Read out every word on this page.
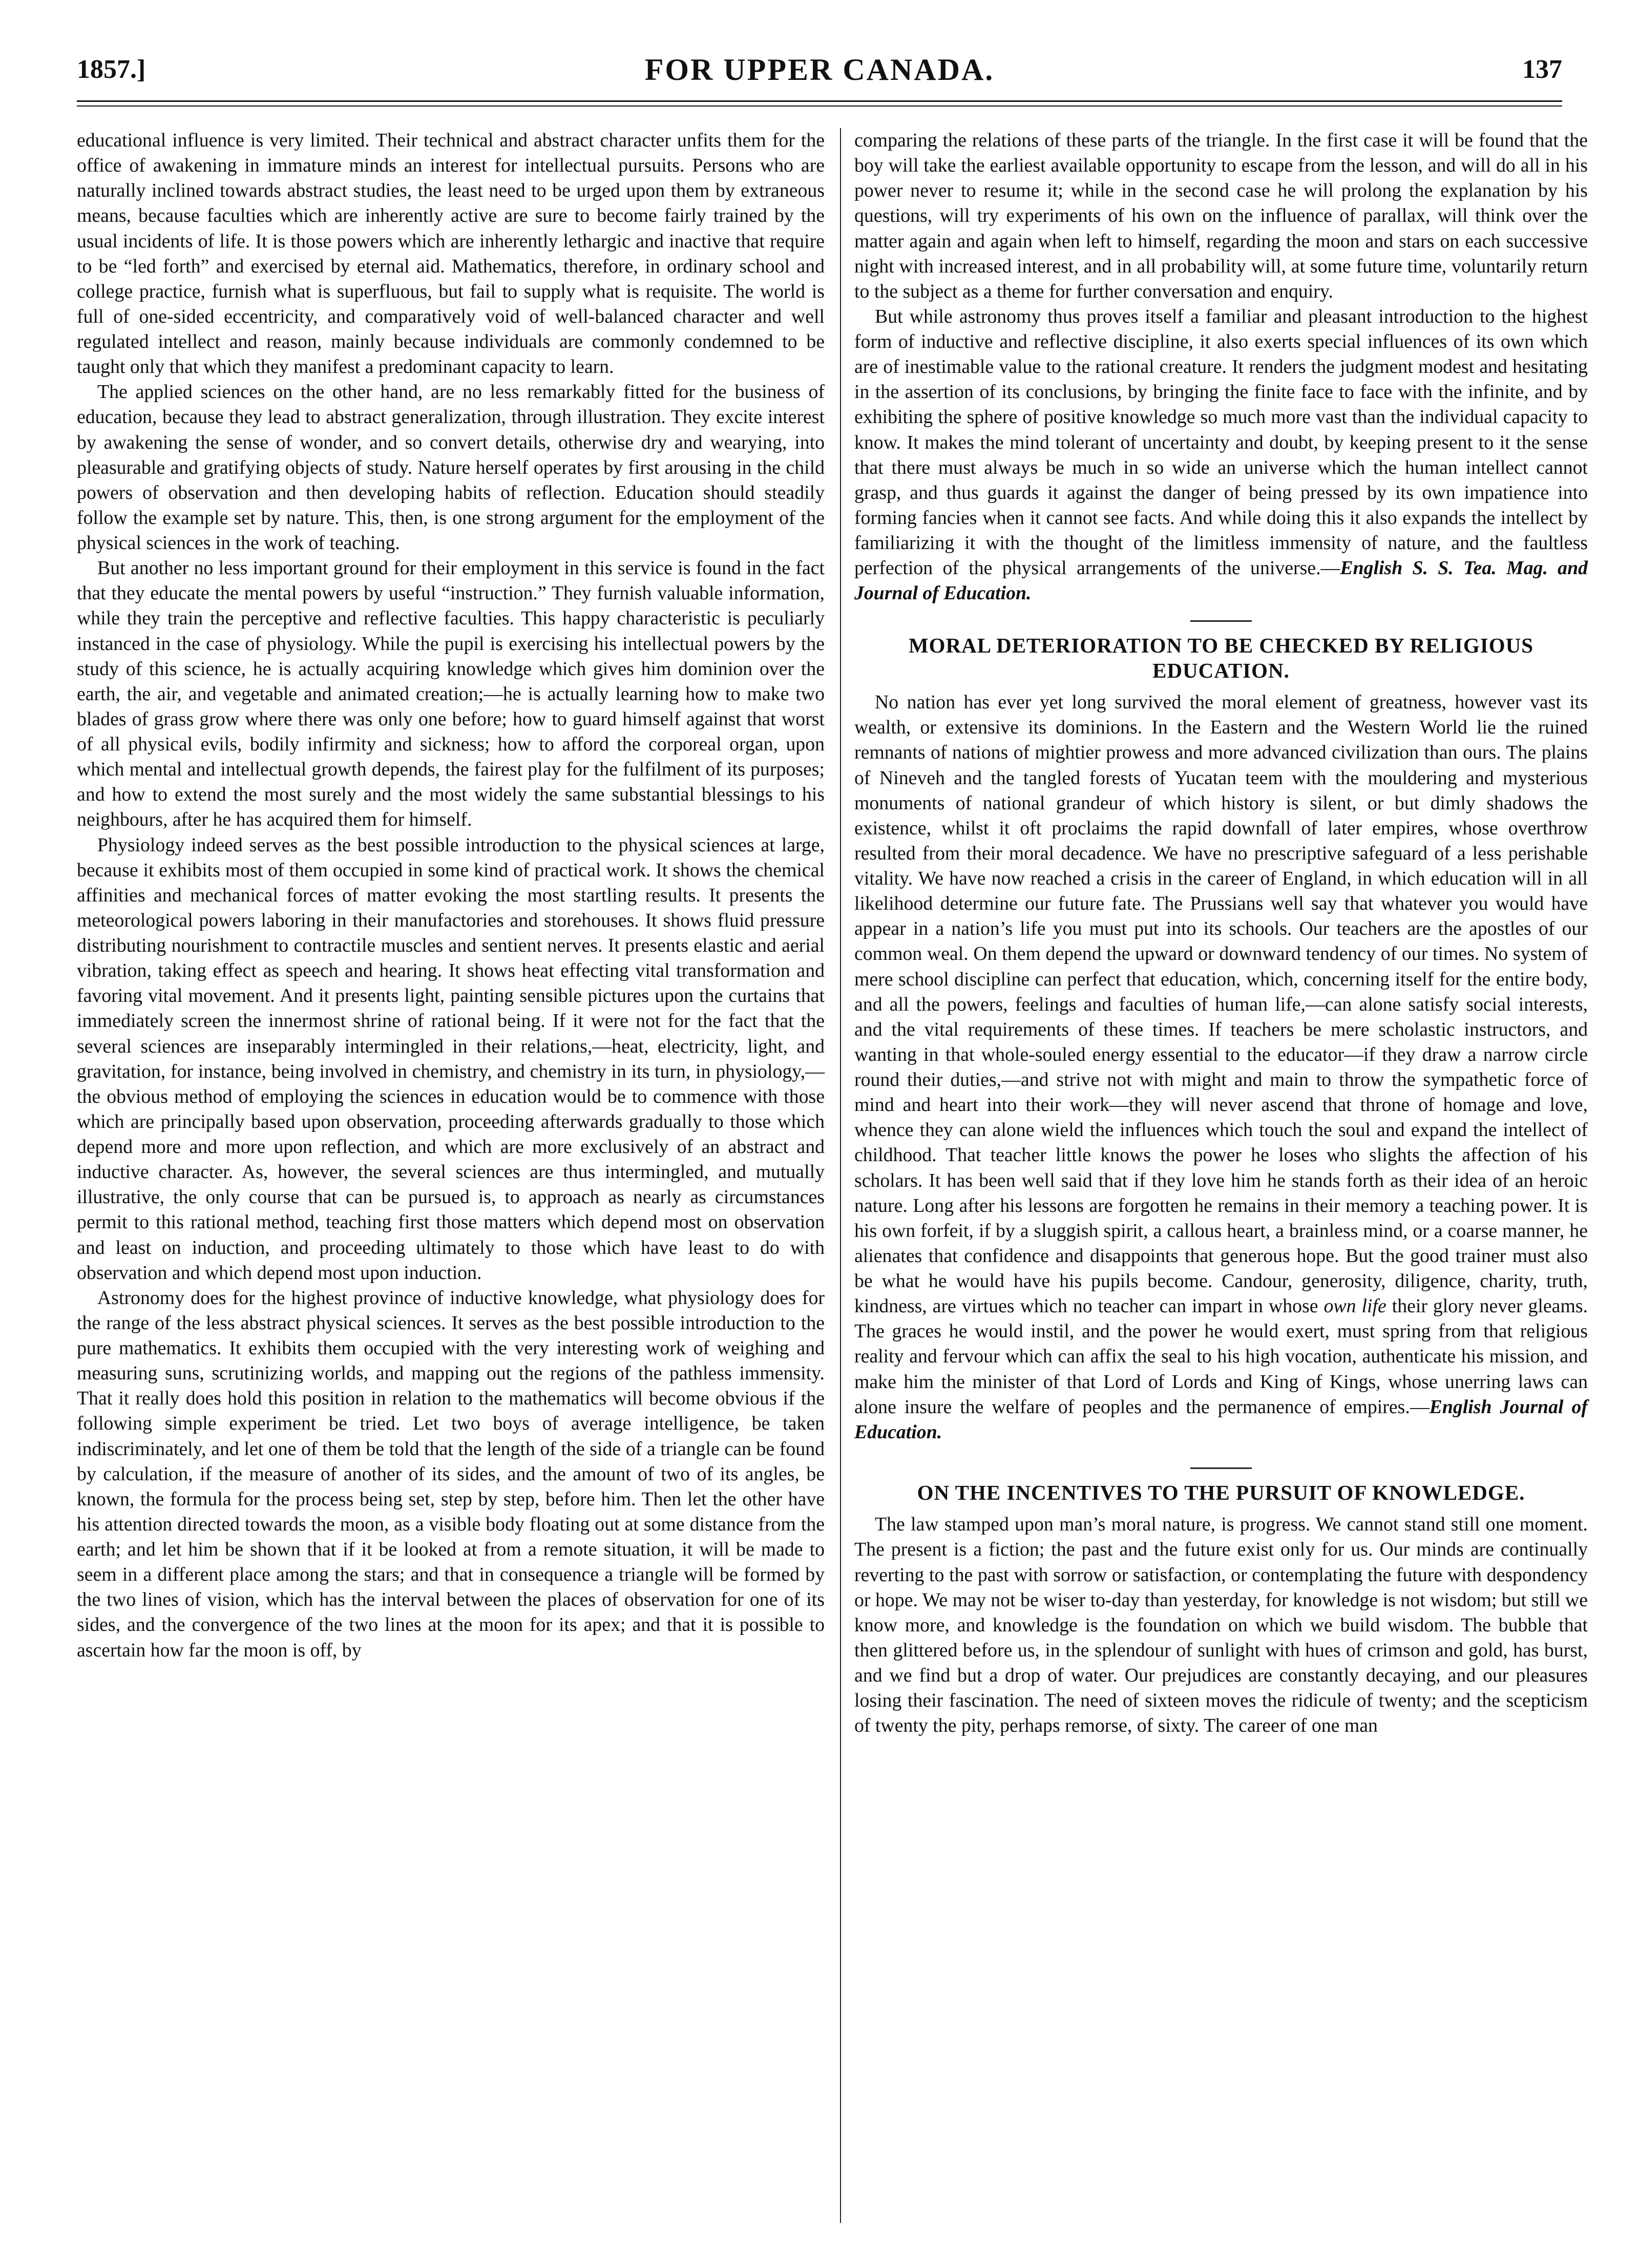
1857.]	FOR UPPER CANADA.	137

educational influence is very limited. Their technical and abstract character unfits them for the office of awakening in immature minds an interest for intellectual pursuits. Persons who are naturally inclined towards abstract studies, the least need to be urged upon them by extraneous means, because faculties which are inherently active are sure to become fairly trained by the usual incidents of life. It is those powers which are inherently lethargic and inactive that require to be “led forth” and exercised by eternal aid. Mathematics, therefore, in ordinary school and college practice, furnish what is superfluous, but fail to supply what is requisite. The world is full of one-sided eccentricity, and comparatively void of well-balanced character and well regulated intellect and reason, mainly because individuals are commonly condemned to be taught only that which they manifest a predominant capacity to learn.

The applied sciences on the other hand, are no less remarkably fitted for the business of education, because they lead to abstract generalization, through illustration. They excite interest by awakening the sense of wonder, and so convert details, otherwise dry and wearying, into pleasurable and gratifying objects of study. Nature herself operates by first arousing in the child powers of observation and then developing habits of reflection. Education should steadily follow the example set by nature. This, then, is one strong argument for the employment of the physical sciences in the work of teaching.

But another no less important ground for their employment in this service is found in the fact that they educate the mental powers by useful “instruction.” They furnish valuable information, while they train the perceptive and reflective faculties. This happy characteristic is peculiarly instanced in the case of physiology. While the pupil is exercising his intellectual powers by the study of this science, he is actually acquiring knowledge which gives him dominion over the earth, the air, and vegetable and animated creation;—he is actually learning how to make two blades of grass grow where there was only one before; how to guard himself against that worst of all physical evils, bodily infirmity and sickness; how to afford the corporeal organ, upon which mental and intellectual growth depends, the fairest play for the fulfilment of its purposes; and how to extend the most surely and the most widely the same substantial blessings to his neighbours, after he has acquired them for himself.

Physiology indeed serves as the best possible introduction to the physical sciences at large, because it exhibits most of them occupied in some kind of practical work. It shows the chemical affinities and mechanical forces of matter evoking the most startling results. It presents the meteorological powers laboring in their manufactories and storehouses. It shows fluid pressure distributing nourishment to contractile muscles and sentient nerves. It presents elastic and aerial vibration, taking effect as speech and hearing. It shows heat effecting vital transformation and favoring vital movement. And it presents light, painting sensible pictures upon the curtains that immediately screen the innermost shrine of rational being. If it were not for the fact that the several sciences are inseparably intermingled in their relations,—heat, electricity, light, and gravitation, for instance, being involved in chemistry, and chemistry in its turn, in physiology,—the obvious method of employing the sciences in education would be to commence with those which are principally based upon observation, proceeding afterwards gradually to those which depend more and more upon reflection, and which are more exclusively of an abstract and inductive character. As, however, the several sciences are thus intermingled, and mutually illustrative, the only course that can be pursued is, to approach as nearly as circumstances permit to this rational method, teaching first those matters which depend most on observation and least on induction, and proceeding ultimately to those which have least to do with observation and which depend most upon induction.

Astronomy does for the highest province of inductive knowledge, what physiology does for the range of the less abstract physical sciences. It serves as the best possible introduction to the pure mathematics. It exhibits them occupied with the very interesting work of weighing and measuring suns, scrutinizing worlds, and mapping out the regions of the pathless immensity. That it really does hold this position in relation to the mathematics will become obvious if the following simple experiment be tried. Let two boys of average intelligence, be taken indiscriminately, and let one of them be told that the length of the side of a triangle can be found by calculation, if the measure of another of its sides, and the amount of two of its angles, be known, the formula for the process being set, step by step, before him. Then let the other have his attention directed towards the moon, as a visible body floating out at some distance from the earth; and let him be shown that if it be looked at from a remote situation, it will be made to seem in a different place among the stars; and that in consequence a triangle will be formed by the two lines of vision, which has the interval between the places of observation for one of its sides, and the convergence of the two lines at the moon for its apex; and that it is possible to ascertain how far the moon is off, by

comparing the relations of these parts of the triangle. In the first case it will be found that the boy will take the earliest available opportunity to escape from the lesson, and will do all in his power never to resume it; while in the second case he will prolong the explanation by his questions, will try experiments of his own on the influence of parallax, will think over the matter again and again when left to himself, regarding the moon and stars on each successive night with increased interest, and in all probability will, at some future time, voluntarily return to the subject as a theme for further conversation and enquiry.

But while astronomy thus proves itself a familiar and pleasant introduction to the highest form of inductive and reflective discipline, it also exerts special influences of its own which are of inestimable value to the rational creature. It renders the judgment modest and hesitating in the assertion of its conclusions, by bringing the finite face to face with the infinite, and by exhibiting the sphere of positive knowledge so much more vast than the individual capacity to know. It makes the mind tolerant of uncertainty and doubt, by keeping present to it the sense that there must always be much in so wide an universe which the human intellect cannot grasp, and thus guards it against the danger of being pressed by its own impatience into forming fancies when it cannot see facts. And while doing this it also expands the intellect by familiarizing it with the thought of the limitless immensity of nature, and the faultless perfection of the physical arrangements of the universe.—English S. S. Tea. Mag. and Journal of Education.

MORAL DETERIORATION TO BE CHECKED BY RELIGIOUS EDUCATION.

No nation has ever yet long survived the moral element of greatness, however vast its wealth, or extensive its dominions. In the Eastern and the Western World lie the ruined remnants of nations of mightier prowess and more advanced civilization than ours. The plains of Nineveh and the tangled forests of Yucatan teem with the mouldering and mysterious monuments of national grandeur of which history is silent, or but dimly shadows the existence, whilst it oft proclaims the rapid downfall of later empires, whose overthrow resulted from their moral decadence. We have no prescriptive safeguard of a less perishable vitality. We have now reached a crisis in the career of England, in which education will in all likelihood determine our future fate. The Prussians well say that whatever you would have appear in a nation’s life you must put into its schools. Our teachers are the apostles of our common weal. On them depend the upward or downward tendency of our times. No system of mere school discipline can perfect that education, which, concerning itself for the entire body, and all the powers, feelings and faculties of human life,—can alone satisfy social interests, and the vital requirements of these times. If teachers be mere scholastic instructors, and wanting in that whole-souled energy essential to the educator—if they draw a narrow circle round their duties,—and strive not with might and main to throw the sympathetic force of mind and heart into their work—they will never ascend that throne of homage and love, whence they can alone wield the influences which touch the soul and expand the intellect of childhood. That teacher little knows the power he loses who slights the affection of his scholars. It has been well said that if they love him he stands forth as their idea of an heroic nature. Long after his lessons are forgotten he remains in their memory a teaching power. It is his own forfeit, if by a sluggish spirit, a callous heart, a brainless mind, or a coarse manner, he alienates that confidence and disappoints that generous hope. But the good trainer must also be what he would have his pupils become. Candour, generosity, diligence, charity, truth, kindness, are virtues which no teacher can impart in whose own life their glory never gleams. The graces he would instil, and the power he would exert, must spring from that religious reality and fervour which can affix the seal to his high vocation, authenticate his mission, and make him the minister of that Lord of Lords and King of Kings, whose unerring laws can alone insure the welfare of peoples and the permanence of empires.—English Journal of Education.

ON THE INCENTIVES TO THE PURSUIT OF KNOWLEDGE.

The law stamped upon man’s moral nature, is progress. We cannot stand still one moment. The present is a fiction; the past and the future exist only for us. Our minds are continually reverting to the past with sorrow or satisfaction, or contemplating the future with despondency or hope. We may not be wiser to-day than yesterday, for knowledge is not wisdom; but still we know more, and knowledge is the foundation on which we build wisdom. The bubble that then glittered before us, in the splendour of sunlight with hues of crimson and gold, has burst, and we find but a drop of water. Our prejudices are constantly decaying, and our pleasures losing their fascination. The need of sixteen moves the ridicule of twenty; and the scepticism of twenty the pity, perhaps remorse, of sixty. The career of one man
